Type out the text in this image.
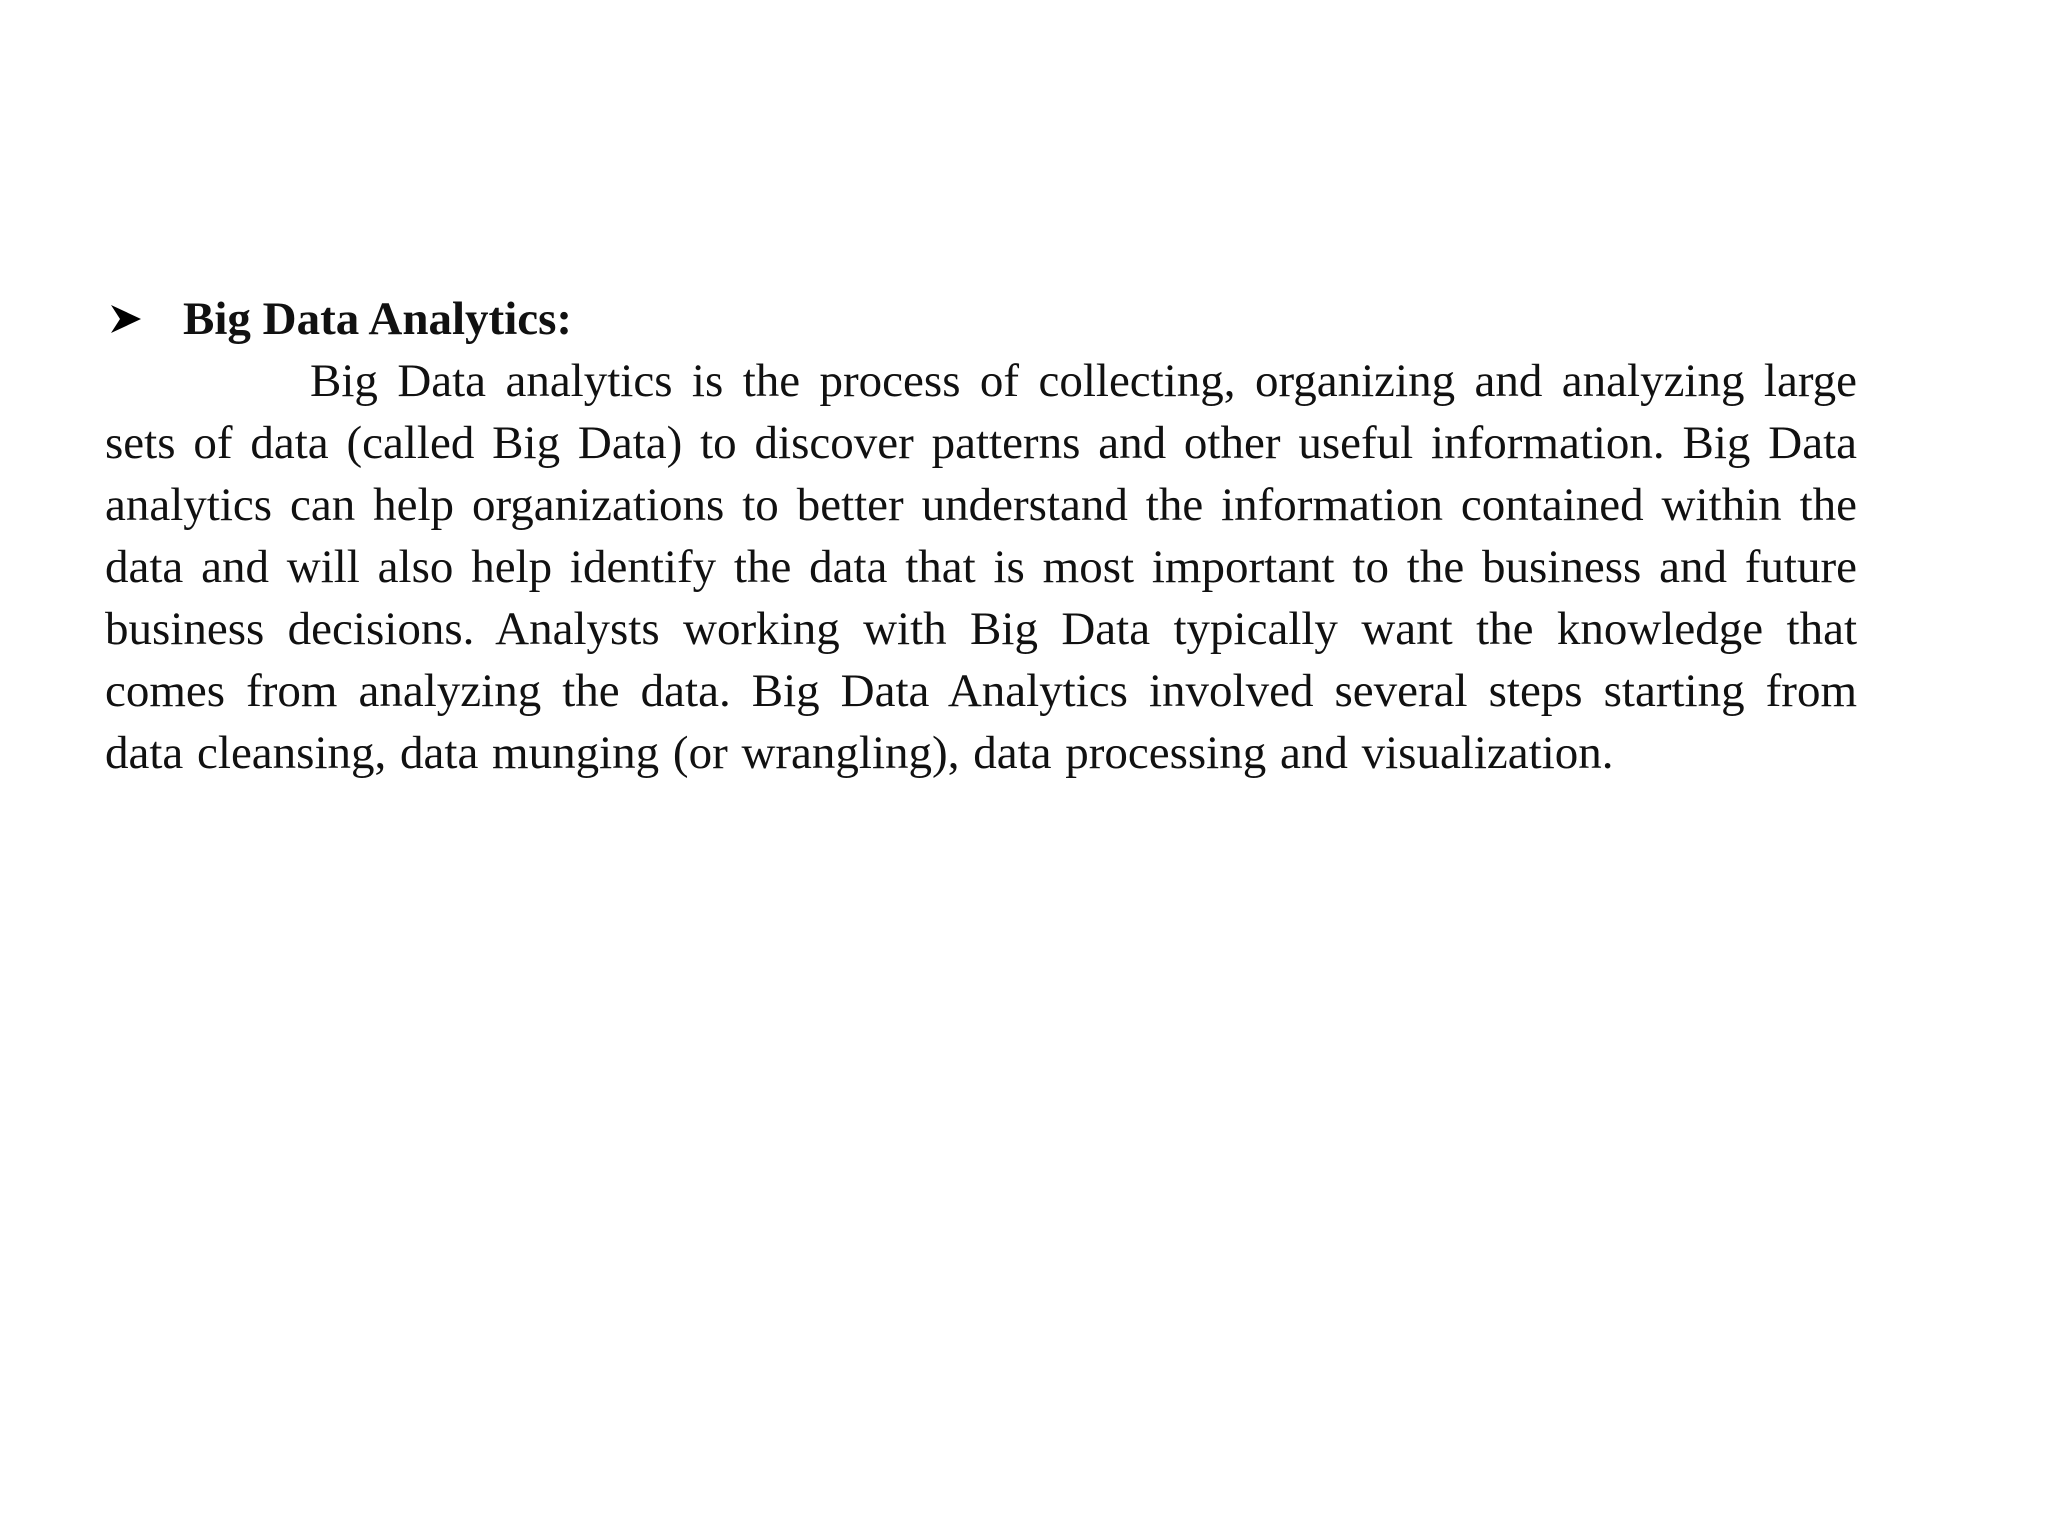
Big Data Analytics:

Big Data analytics is the process of collecting, organizing and analyzing large sets of data (called Big Data) to discover patterns and other useful information. Big Data analytics can help organizations to better understand the information contained within the data and will also help identify the data that is most important to the business and future business decisions. Analysts working with Big Data typically want the knowledge that comes from analyzing the data. Big Data Analytics involved several steps starting from data cleansing, data munging (or wrangling), data processing and visualization.
